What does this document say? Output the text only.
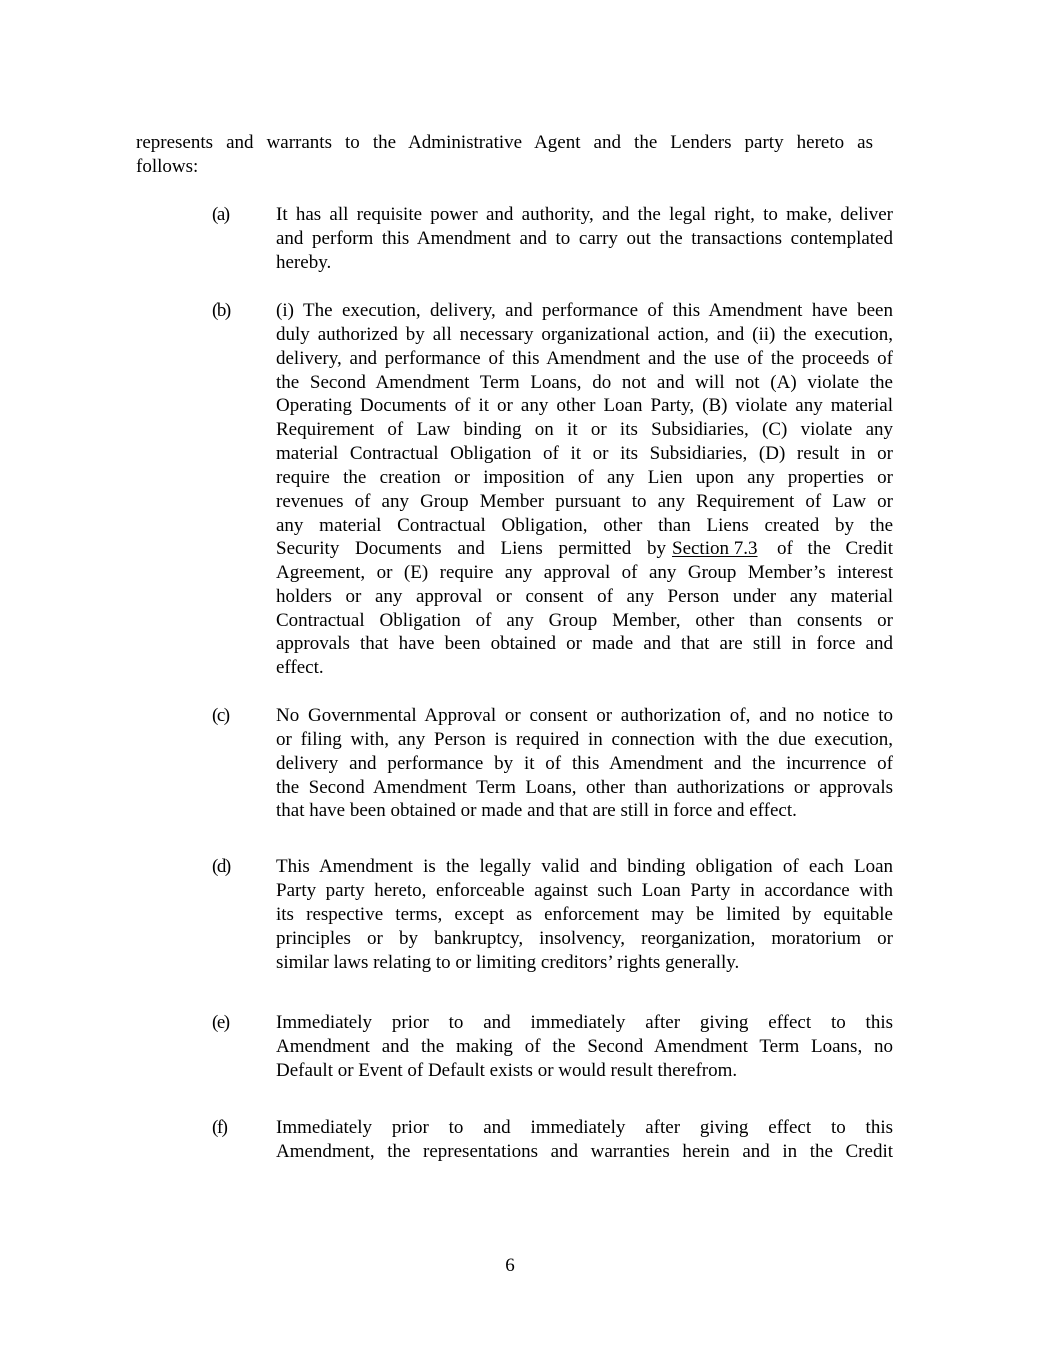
represents and warrants to the Administrative Agent and the Lenders party hereto as
follows:
(a) It has all requisite power and authority, and the legal right, to make, deliver
and perform this Amendment and to carry out the transactions contemplated
hereby.
(b) (i) The execution, delivery, and performance of this Amendment have been
duly authorized by all necessary organizational action, and (ii) the execution,
delivery, and performance of this Amendment and the use of the proceeds of
the Second Amendment Term Loans, do not and will not (A) violate the
Operating Documents of it or any other Loan Party, (B) violate any material
Requirement of Law binding on it or its Subsidiaries, (C) violate any
material Contractual Obligation of it or its Subsidiaries, (D) result in or
require the creation or imposition of any Lien upon any properties or
revenues of any Group Member pursuant to any Requirement of Law or
any material Contractual Obligation, other than Liens created by the
Security Documents and Liens permitted by Section 7.3 of the Credit
Agreement, or (E) require any approval of any Group Member’s interest
holders or any approval or consent of any Person under any material
Contractual Obligation of any Group Member, other than consents or
approvals that have been obtained or made and that are still in force and
effect.
(c) No Governmental Approval or consent or authorization of, and no notice to
or filing with, any Person is required in connection with the due execution,
delivery and performance by it of this Amendment and the incurrence of
the Second Amendment Term Loans, other than authorizations or approvals
that have been obtained or made and that are still in force and effect.
(d) This Amendment is the legally valid and binding obligation of each Loan
Party party hereto, enforceable against such Loan Party in accordance with
its respective terms, except as enforcement may be limited by equitable
principles or by bankruptcy, insolvency, reorganization, moratorium or
similar laws relating to or limiting creditors’ rights generally.
(e) Immediately prior to and immediately after giving effect to this
Amendment and the making of the Second Amendment Term Loans, no
Default or Event of Default exists or would result therefrom.
(f)	Immediately prior to and immediately after giving effect to this
Amendment, the representations and warranties herein and in the Credit
6
